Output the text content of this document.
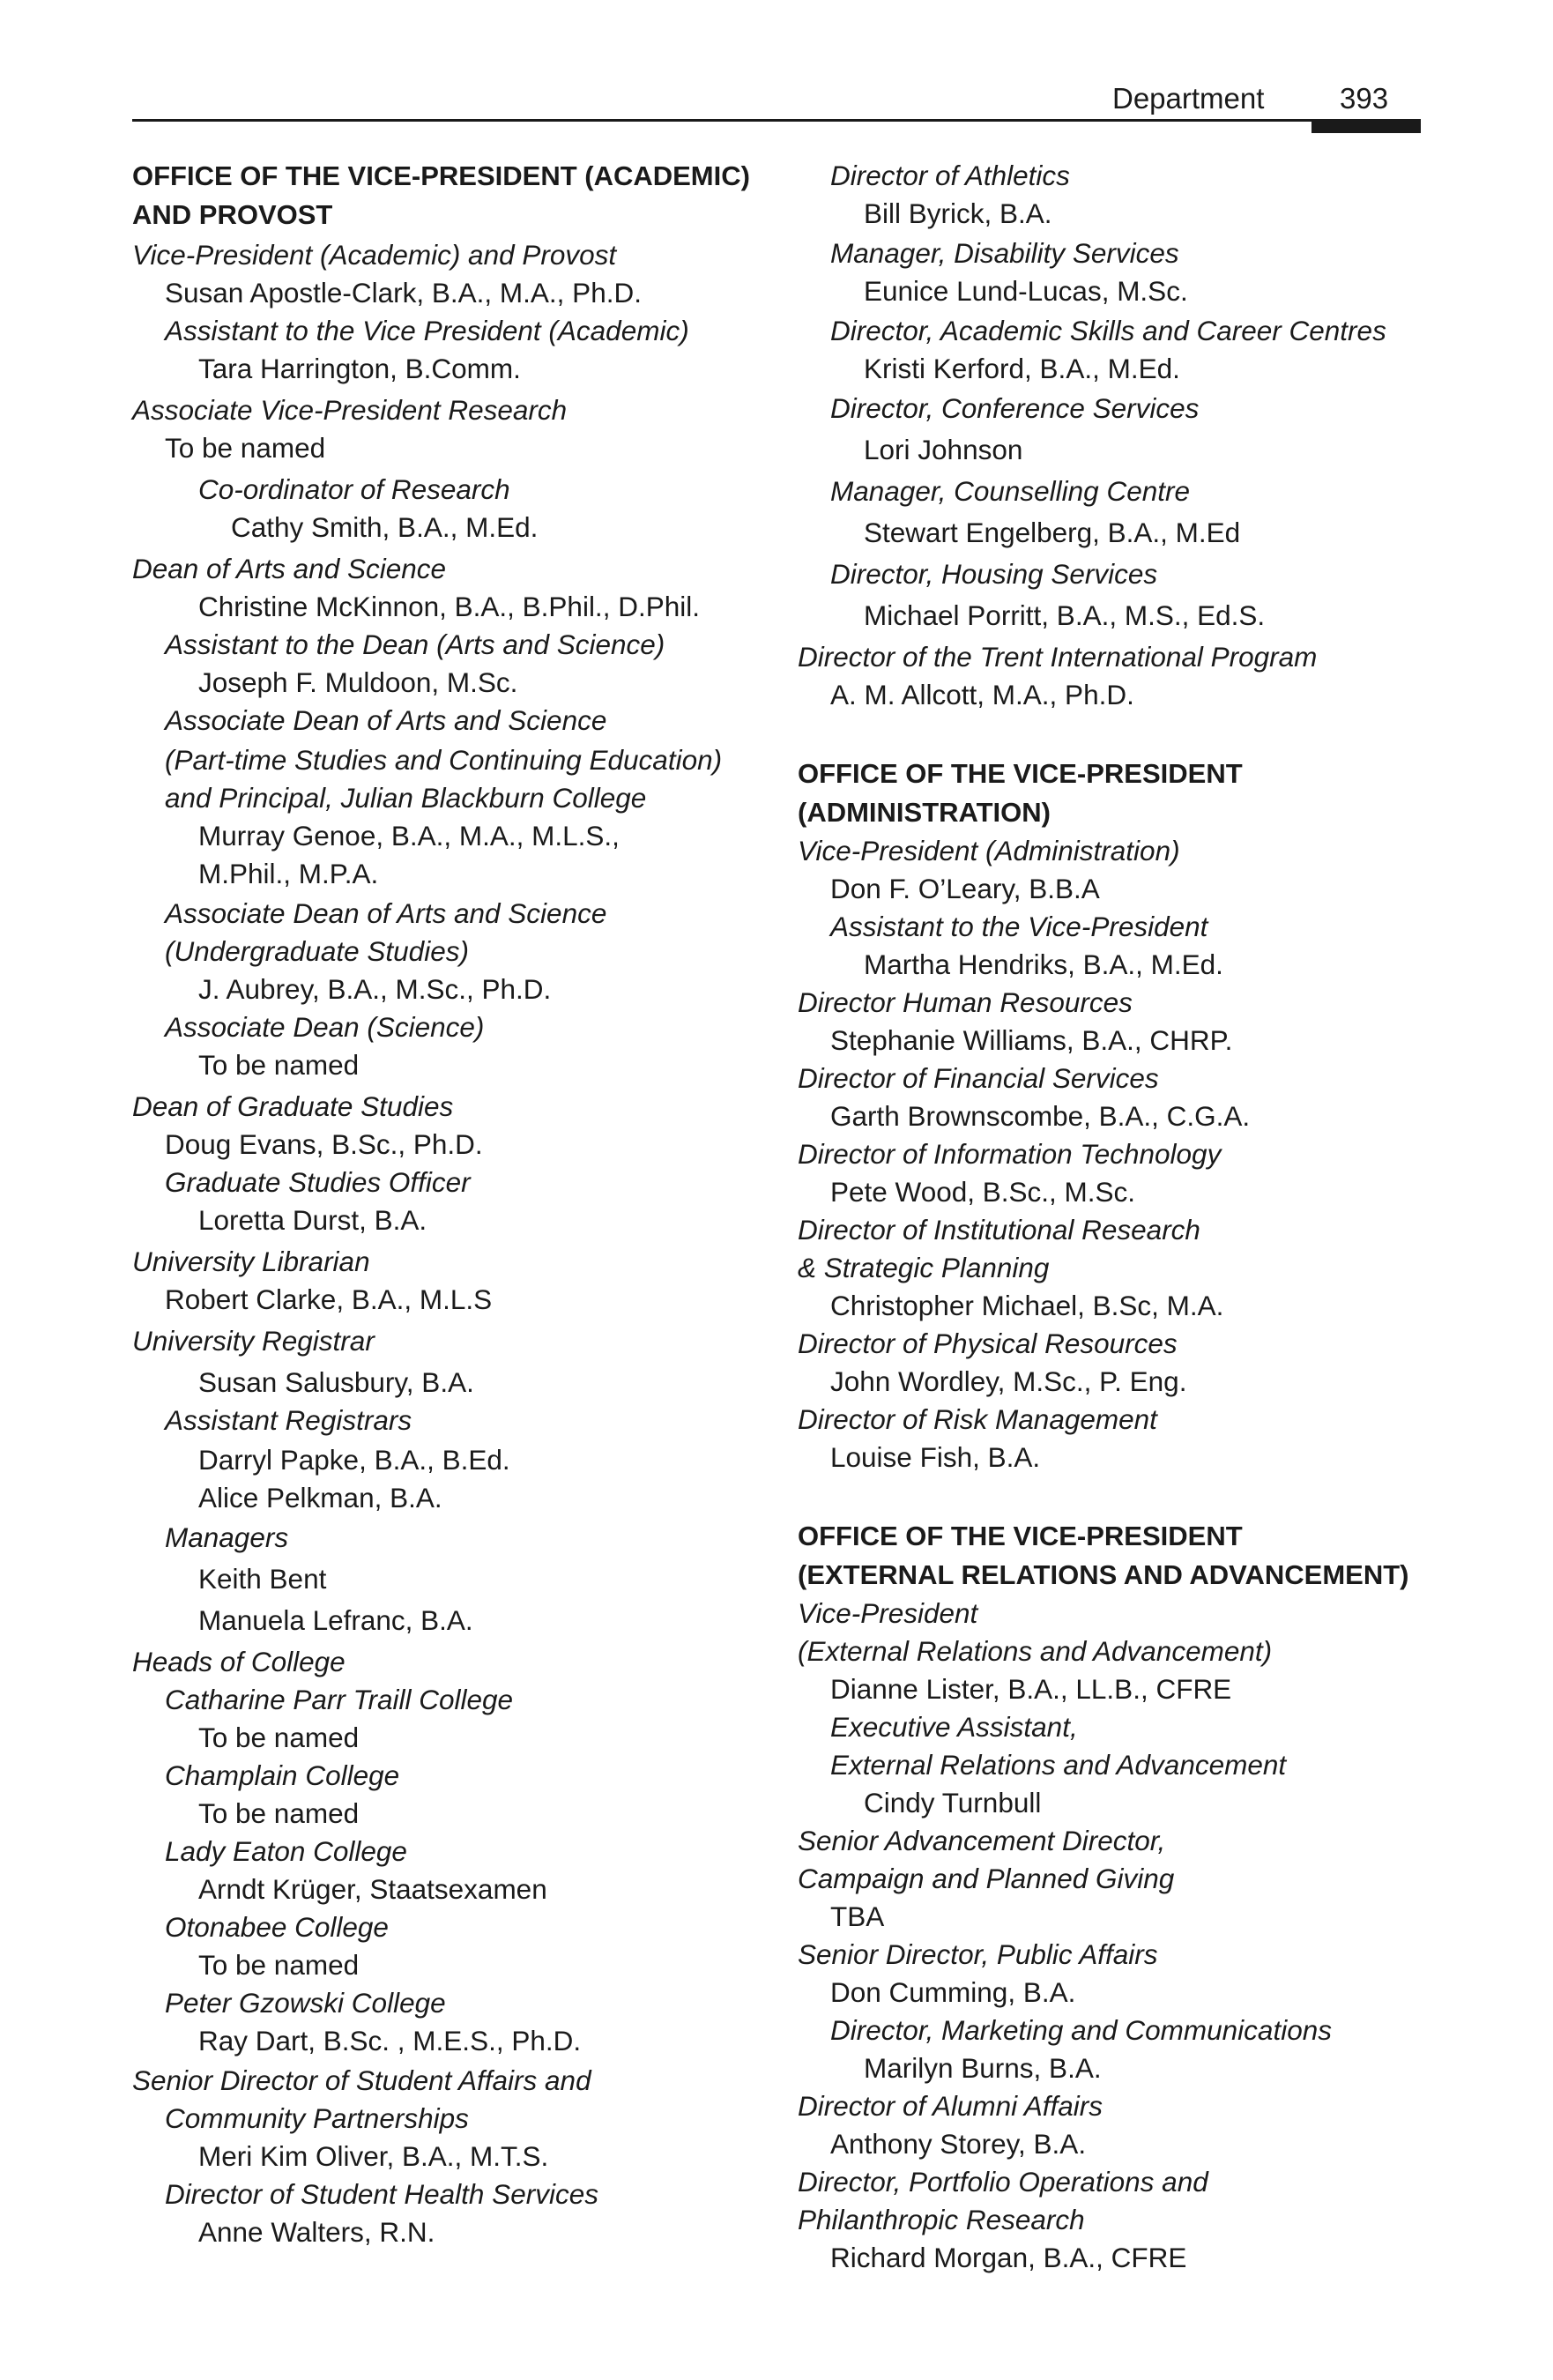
Department	393
OFFICE OF THE VICE-PRESIDENT (ACADEMIC)
AND PROVOST
Vice-President (Academic) and Provost
Susan Apostle-Clark, B.A., M.A., Ph.D.
Assistant to the Vice President (Academic)
Tara Harrington, B.Comm.
Associate Vice-President Research
To be named
Co-ordinator of Research
Cathy Smith, B.A., M.Ed.
Dean of Arts and Science
Christine McKinnon, B.A., B.Phil., D.Phil.
Assistant to the Dean (Arts and Science)
Joseph F. Muldoon, M.Sc.
Associate Dean of Arts and Science
(Part-time Studies and Continuing Education)
and Principal, Julian Blackburn College
Murray Genoe, B.A., M.A., M.L.S.,
M.Phil., M.P.A.
Associate Dean of Arts and Science
(Undergraduate Studies)
J. Aubrey, B.A., M.Sc., Ph.D.
Associate Dean (Science)
To be named
Dean of Graduate Studies
Doug Evans, B.Sc., Ph.D.
Graduate Studies Officer
Loretta Durst, B.A.
University Librarian
Robert Clarke, B.A., M.L.S
University Registrar
Susan Salusbury, B.A.
Assistant Registrars
Darryl Papke, B.A., B.Ed.
Alice Pelkman, B.A.
Managers
Keith Bent
Manuela Lefranc, B.A.
Heads of College
Catharine Parr Traill College
To be named
Champlain College
To be named
Lady Eaton College
Arndt Krüger, Staatsexamen
Otonabee College
To be named
Peter Gzowski College
Ray Dart, B.Sc. , M.E.S., Ph.D.
Senior Director of Student Affairs and
Community Partnerships
Meri Kim Oliver, B.A., M.T.S.
Director of Student Health Services
Anne Walters, R.N.
Director of Athletics
Bill Byrick, B.A.
Manager, Disability Services
Eunice Lund-Lucas, M.Sc.
Director, Academic Skills and Career Centres
Kristi Kerford, B.A., M.Ed.
Director, Conference Services
Lori Johnson
Manager, Counselling Centre
Stewart Engelberg, B.A., M.Ed
Director, Housing Services
Michael Porritt, B.A., M.S., Ed.S.
Director of the Trent International Program
A. M. Allcott, M.A., Ph.D.
OFFICE OF THE VICE-PRESIDENT
(ADMINISTRATION)
Vice-President (Administration)
Don F. O’Leary, B.B.A
Assistant to the Vice-President
Martha Hendriks, B.A., M.Ed.
Director Human Resources
Stephanie Williams, B.A., CHRP.
Director of Financial Services
Garth Brownscombe, B.A., C.G.A.
Director of Information Technology
Pete Wood, B.Sc., M.Sc.
Director of Institutional Research
& Strategic Planning
Christopher Michael, B.Sc, M.A.
Director of Physical Resources
John Wordley, M.Sc., P. Eng.
Director of Risk Management
Louise Fish, B.A.
OFFICE OF THE VICE-PRESIDENT
(EXTERNAL RELATIONS AND ADVANCEMENT)
Vice-President
(External Relations and Advancement)
Dianne Lister, B.A., LL.B., CFRE
Executive Assistant,
External Relations and Advancement
Cindy Turnbull
Senior Advancement Director,
Campaign and Planned Giving
TBA
Senior Director, Public Affairs
Don Cumming, B.A.
Director, Marketing and Communications
Marilyn Burns, B.A.
Director of Alumni Affairs
Anthony Storey, B.A.
Director, Portfolio Operations and
Philanthropic Research
Richard Morgan, B.A., CFRE
